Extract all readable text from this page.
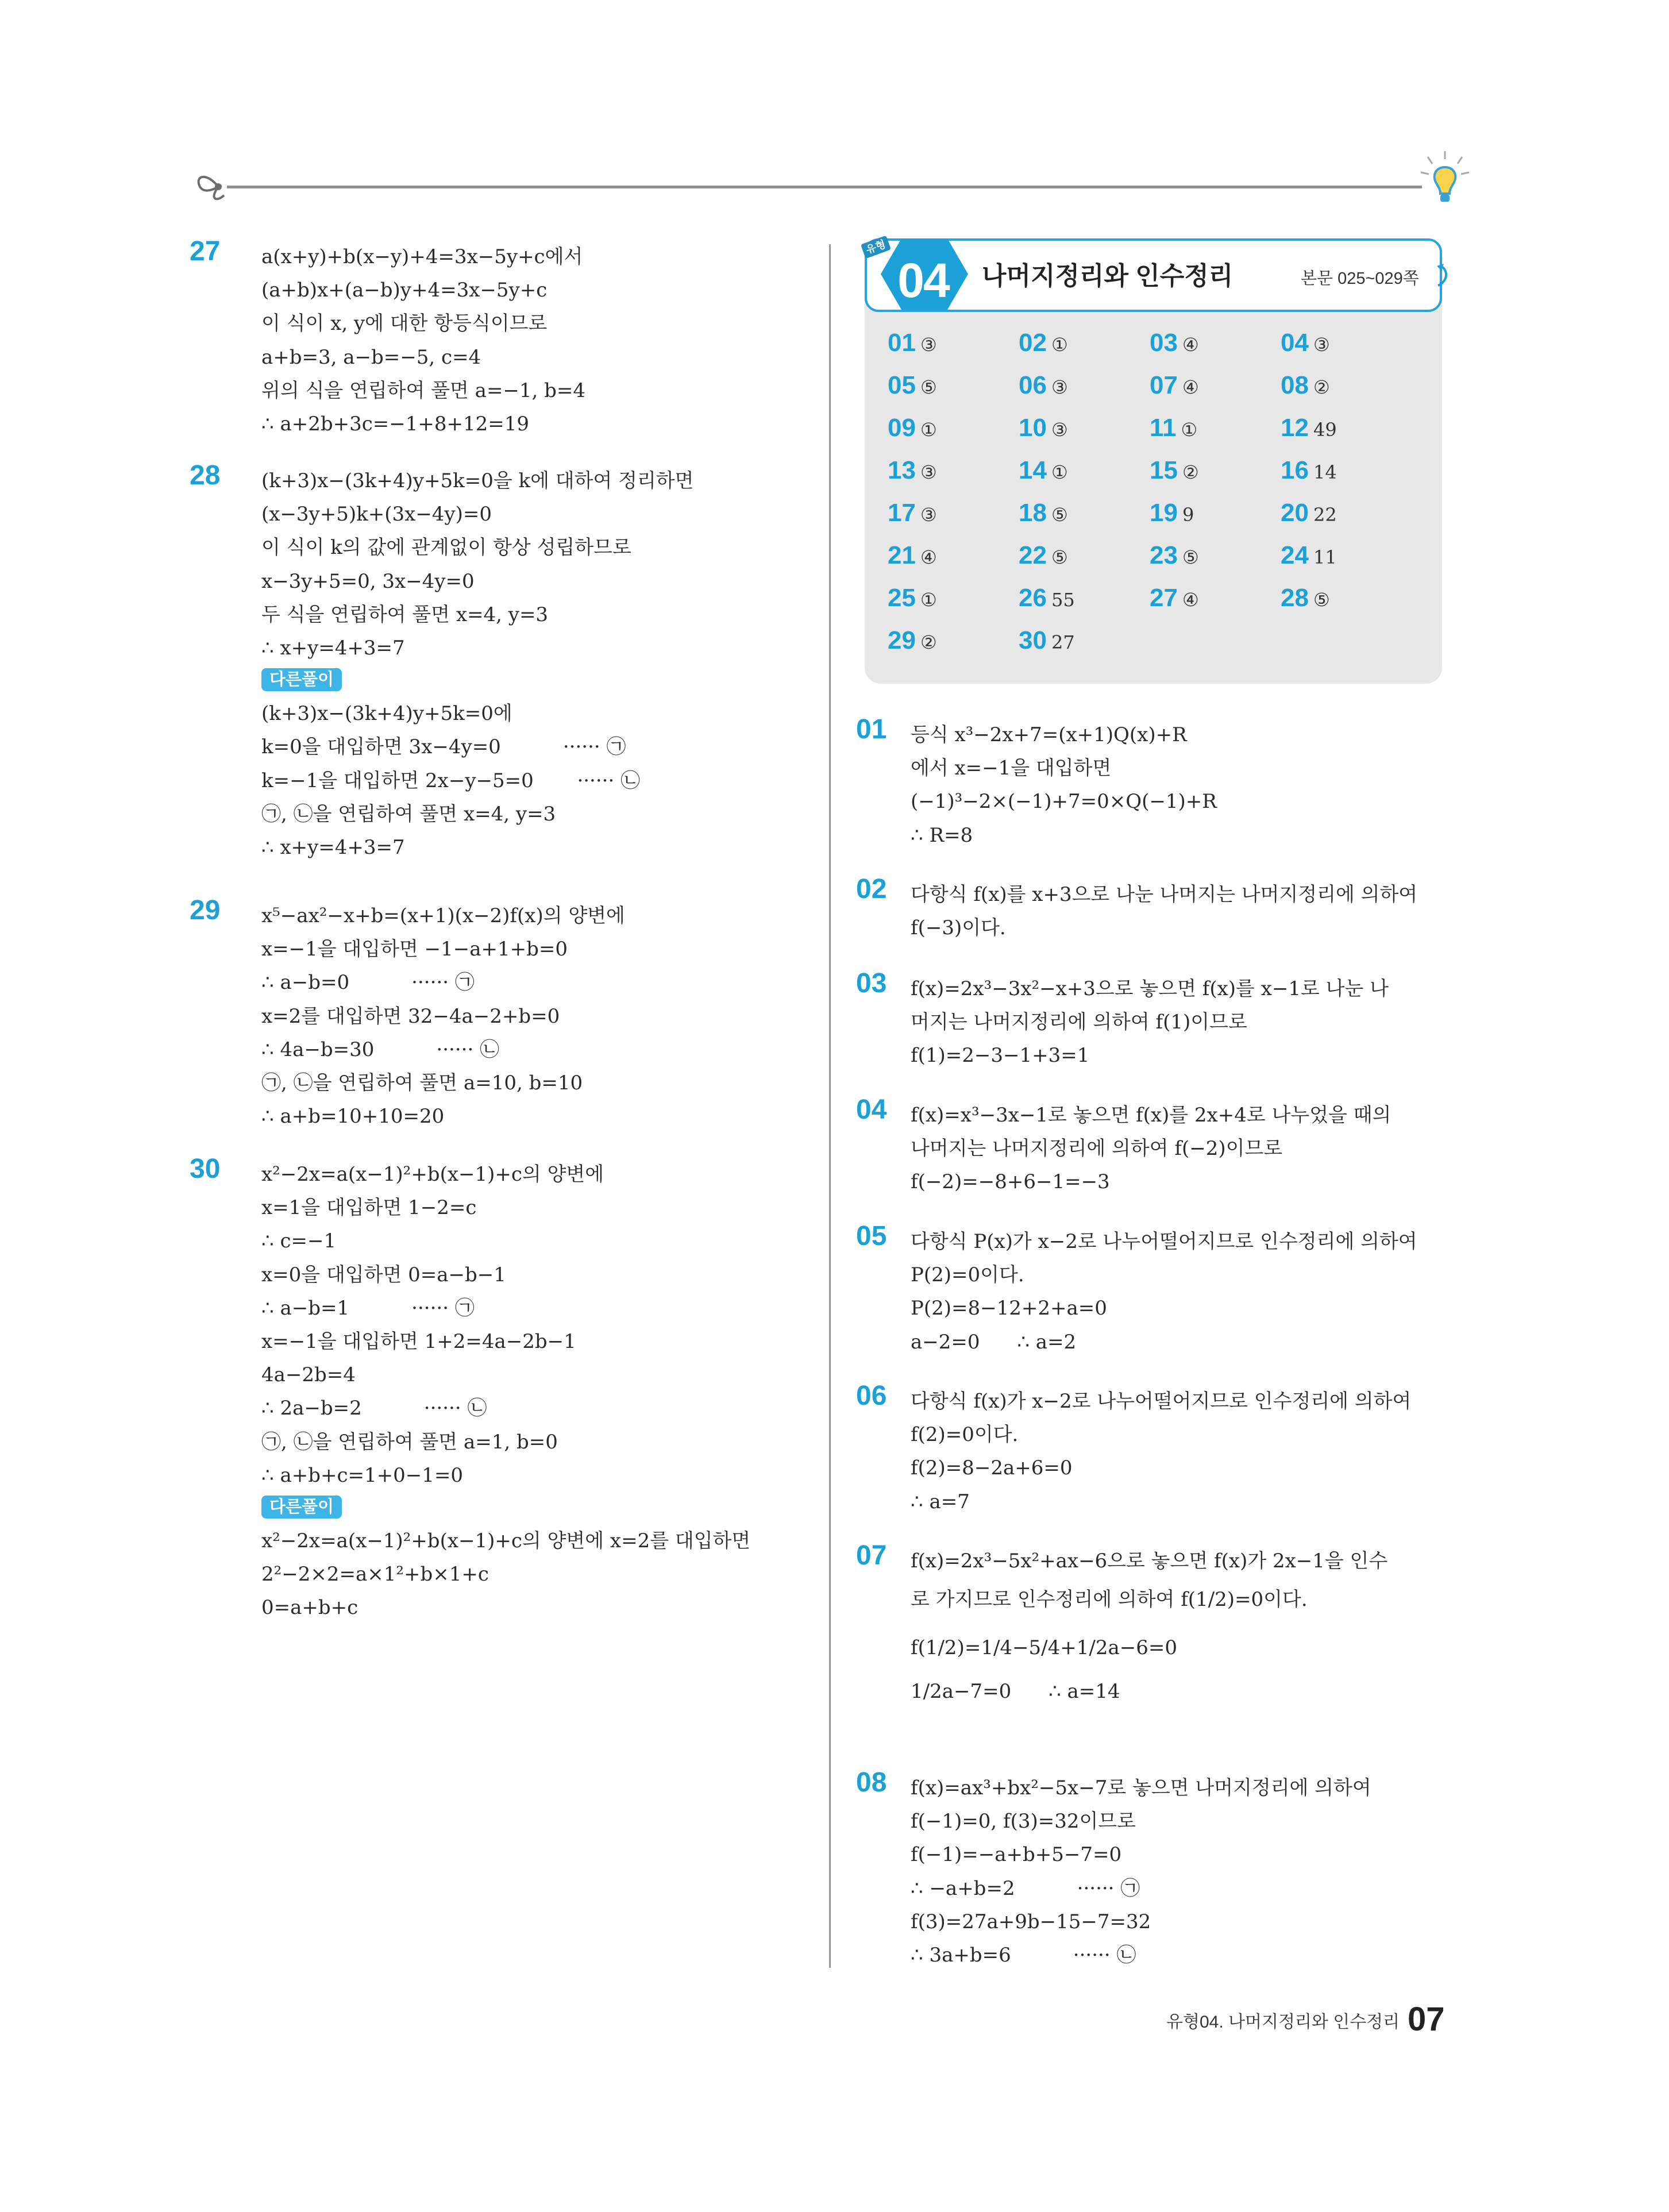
27 a(x+y)+b(x−y)+4=3x−5y+c에서
(a+b)x+(a−b)y+4=3x−5y+c
이 식이 x, y에 대한 항등식이므로
a+b=3, a−b=−5, c=4
위의 식을 연립하여 풀면 a=−1, b=4
∴ a+2b+3c=−1+8+12=19
28 (k+3)x−(3k+4)y+5k=0을 k에 대하여 정리하면
(x−3y+5)k+(3x−4y)=0
이 식이 k의 값에 관계없이 항상 성립하므로
x−3y+5=0, 3x−4y=0
두 식을 연립하여 풀면 x=4, y=3
∴ x+y=4+3=7
다른풀이
(k+3)x−(3k+4)y+5k=0에
k=0을 대입하면 3x−4y=0          ······ ㉠
k=−1을 대입하면 2x−y−5=0       ······ ㉡
㉠, ㉡을 연립하여 풀면 x=4, y=3
∴ x+y=4+3=7
29 x⁵−ax²−x+b=(x+1)(x−2)f(x)의 양변에
x=−1을 대입하면 −1−a+1+b=0
∴ a−b=0          ······ ㉠
x=2를 대입하면 32−4a−2+b=0
∴ 4a−b=30          ······ ㉡
㉠, ㉡을 연립하여 풀면 a=10, b=10
∴ a+b=10+10=20
30 x²−2x=a(x−1)²+b(x−1)+c의 양변에
x=1을 대입하면 1−2=c
∴ c=−1
x=0을 대입하면 0=a−b−1
∴ a−b=1          ······ ㉠
x=−1을 대입하면 1+2=4a−2b−1
4a−2b=4
∴ 2a−b=2          ······ ㉡
㉠, ㉡을 연립하여 풀면 a=1, b=0
∴ a+b+c=1+0−1=0
다른풀이
x²−2x=a(x−1)²+b(x−1)+c의 양변에 x=2를 대입하면
2²−2×2=a×1²+b×1+c
0=a+b+c
유형
04	나머지정리와 인수정리	본문 025~029쪽
01 ③	02 ①	03 ④	04 ③
05 ⑤	06 ③	07 ④	08 ②
09 ①	10 ③	11 ①	12 49
13 ③	14 ①	15 ②	16 14
17 ③	18 ⑤	19 9	20 22
21 ④	22 ⑤	23 ⑤	24 11
25 ①	26 55	27 ④	28 ⑤
29 ②	30 27
01 등식 x³−2x+7=(x+1)Q(x)+R
에서 x=−1을 대입하면
(−1)³−2×(−1)+7=0×Q(−1)+R
∴ R=8
02 다항식 f(x)를 x+3으로 나눈 나머지는 나머지정리에 의하여
f(−3)이다.
03 f(x)=2x³−3x²−x+3으로 놓으면 f(x)를 x−1로 나눈 나
머지는 나머지정리에 의하여 f(1)이므로
f(1)=2−3−1+3=1
04 f(x)=x³−3x−1로 놓으면 f(x)를 2x+4로 나누었을 때의
나머지는 나머지정리에 의하여 f(−2)이므로
f(−2)=−8+6−1=−3
05 다항식 P(x)가 x−2로 나누어떨어지므로 인수정리에 의하여
P(2)=0이다.
P(2)=8−12+2+a=0
a−2=0      ∴ a=2
06 다항식 f(x)가 x−2로 나누어떨어지므로 인수정리에 의하여
f(2)=0이다.
f(2)=8−2a+6=0
∴ a=7
07 f(x)=2x³−5x²+ax−6으로 놓으면 f(x)가 2x−1을 인수
로 가지므로 인수정리에 의하여 f(1/2)=0이다.
f(1/2)=1/4−5/4+1/2a−6=0
1/2a−7=0      ∴ a=14
08 f(x)=ax³+bx²−5x−7로 놓으면 나머지정리에 의하여
f(−1)=0, f(3)=32이므로
f(−1)=−a+b+5−7=0
∴ −a+b=2          ······ ㉠
f(3)=27a+9b−15−7=32
∴ 3a+b=6          ······ ㉡
유형04. 나머지정리와 인수정리 07
